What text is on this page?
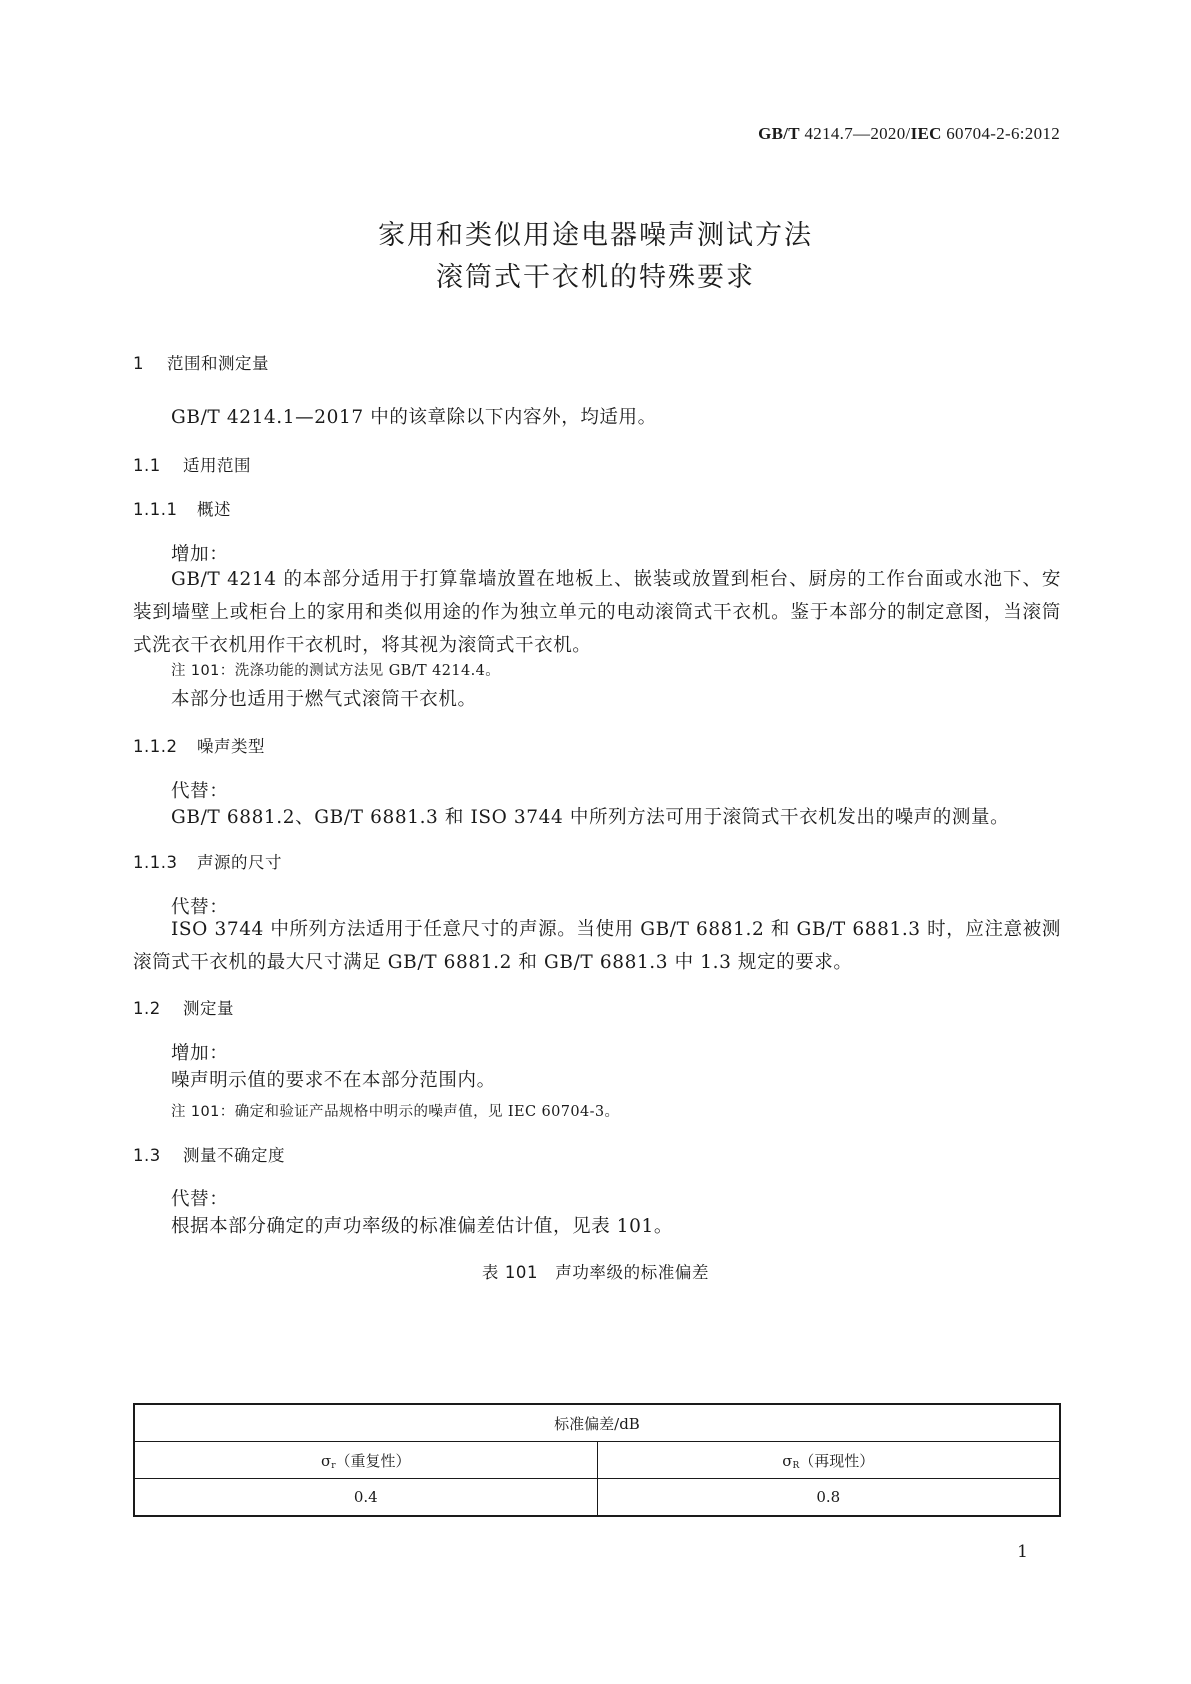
GB/T 4214.7—2020/IEC 60704-2-6:2012
家用和类似用途电器噪声测试方法
滚筒式干衣机的特殊要求
1 范围和测定量
GB/T 4214.1—2017 中的该章除以下内容外，均适用。
1.1 适用范围
1.1.1 概述
增加：
GB/T 4214 的本部分适用于打算靠墙放置在地板上、嵌装或放置到柜台、厨房的工作台面或水池下、安装到墙壁上或柜台上的家用和类似用途的作为独立单元的电动滚筒式干衣机。鉴于本部分的制定意图，当滚筒式洗衣干衣机用作干衣机时，将其视为滚筒式干衣机。
注 101：洗涤功能的测试方法见 GB/T 4214.4。
本部分也适用于燃气式滚筒干衣机。
1.1.2 噪声类型
代替：
GB/T 6881.2、GB/T 6881.3 和 ISO 3744 中所列方法可用于滚筒式干衣机发出的噪声的测量。
1.1.3 声源的尺寸
代替：
ISO 3744 中所列方法适用于任意尺寸的声源。当使用 GB/T 6881.2 和 GB/T 6881.3 时，应注意被测滚筒式干衣机的最大尺寸满足 GB/T 6881.2 和 GB/T 6881.3 中 1.3 规定的要求。
1.2 测定量
增加：
噪声明示值的要求不在本部分范围内。
注 101：确定和验证产品规格中明示的噪声值，见 IEC 60704-3。
1.3 测量不确定度
代替：
根据本部分确定的声功率级的标准偏差估计值，见表 101。
表 101　声功率级的标准偏差
标准偏差/dB	
$\sigma_r$（重复性）	$\sigma_R$（再现性）
0.4	0.8
1
